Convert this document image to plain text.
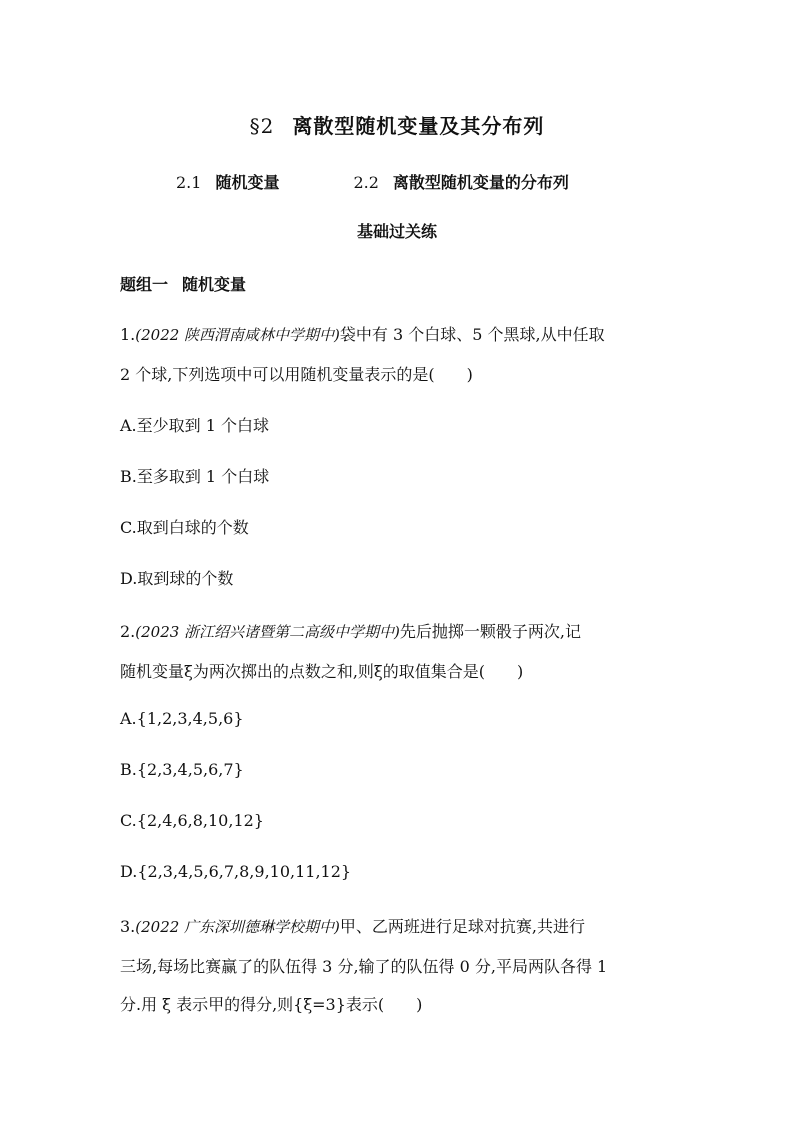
§2 离散型随机变量及其分布列
2.1 随机变量	2.2 离散型随机变量的分布列
基础过关练
题组一 随机变量
1.(2022 陕西渭南咸林中学期中)袋中有 3 个白球、5 个黑球,从中任取
2 个球,下列选项中可以用随机变量表示的是(　　)
A.至少取到 1 个白球
B.至多取到 1 个白球
C.取到白球的个数
D.取到球的个数
2.(2023 浙江绍兴诸暨第二高级中学期中)先后抛掷一颗骰子两次,记
随机变量ξ为两次掷出的点数之和,则ξ的取值集合是(　　)
A.{1,2,3,4,5,6}
B.{2,3,4,5,6,7}
C.{2,4,6,8,10,12}
D.{2,3,4,5,6,7,8,9,10,11,12}
3.(2022 广东深圳德琳学校期中)甲、乙两班进行足球对抗赛,共进行
三场,每场比赛赢了的队伍得 3 分,输了的队伍得 0 分,平局两队各得 1
分.用 ξ 表示甲的得分,则{ξ=3}表示(　　)
